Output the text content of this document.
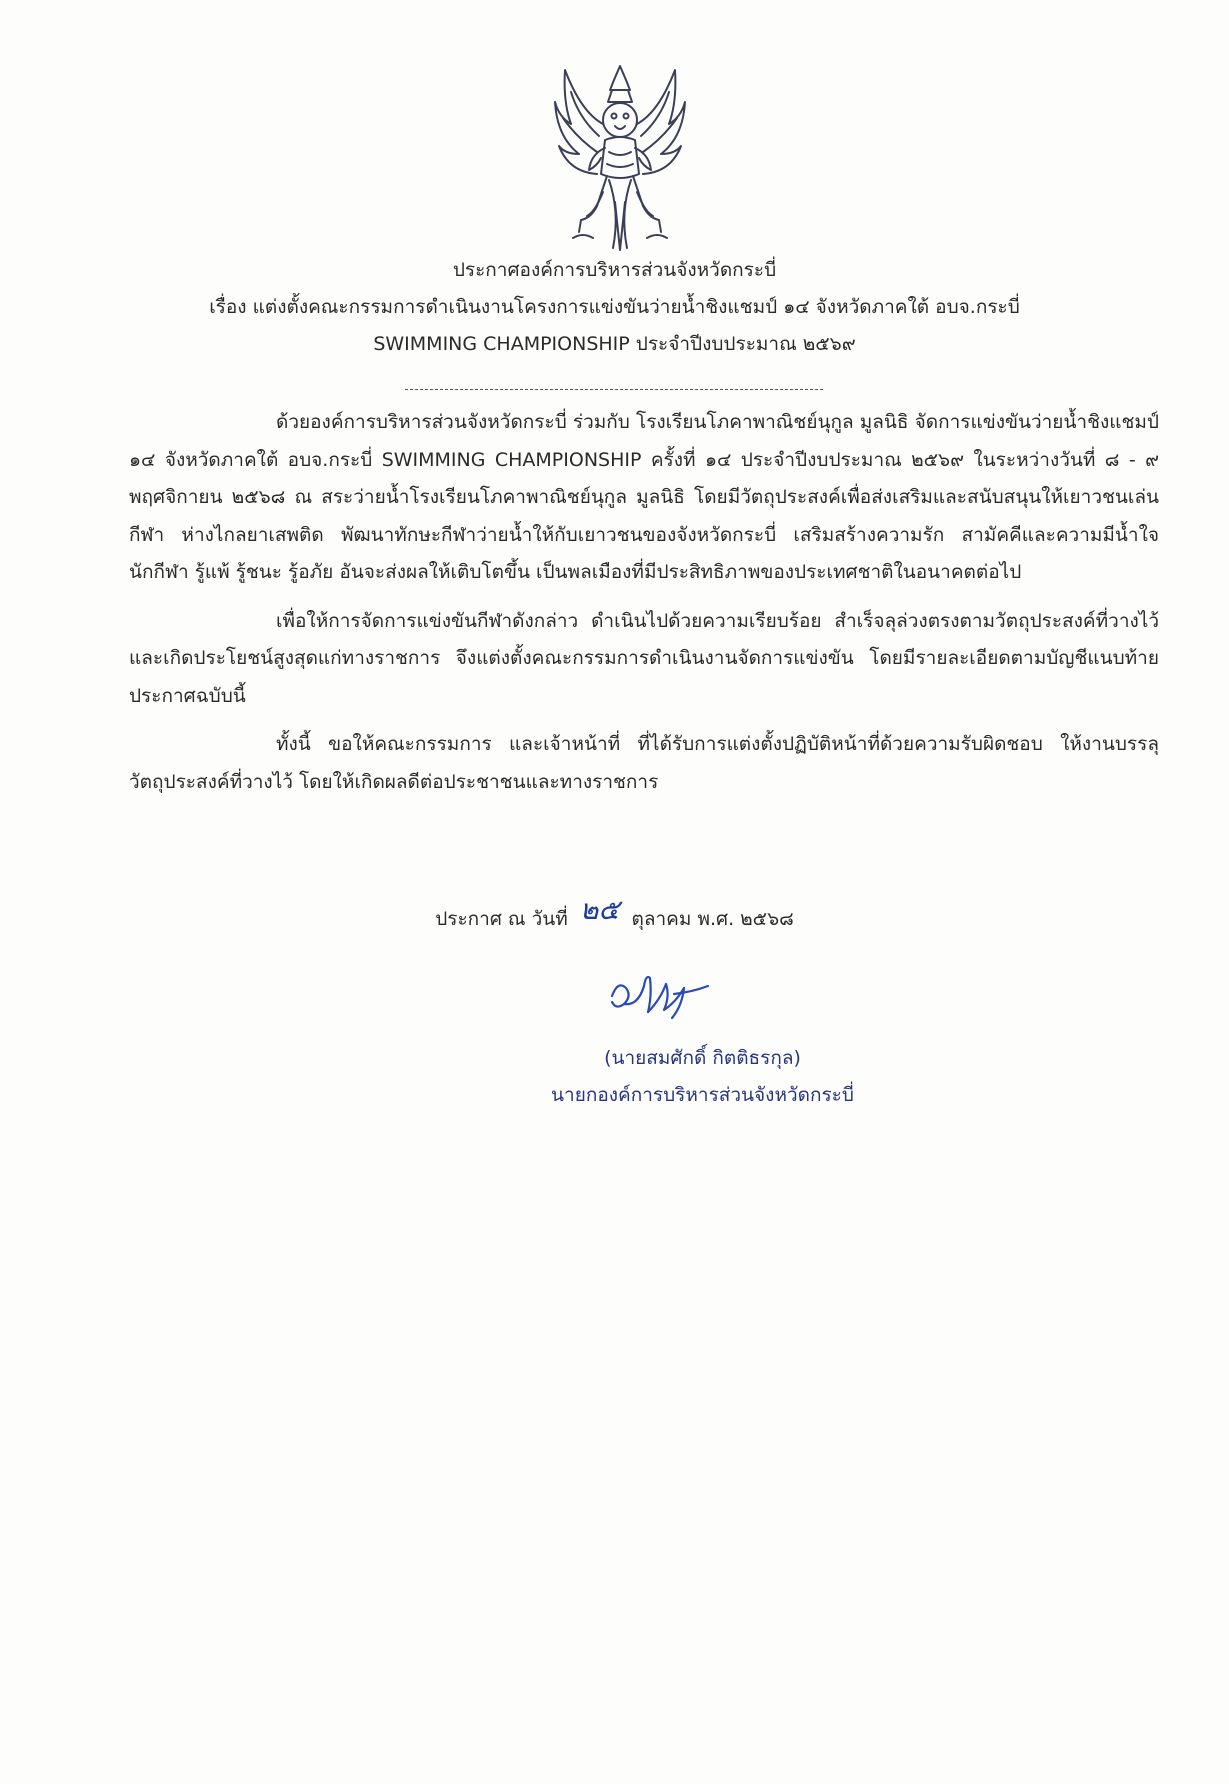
ประกาศองค์การบริหารส่วนจังหวัดกระบี่
เรื่อง แต่งตั้งคณะกรรมการดำเนินงานโครงการแข่งขันว่ายน้ำชิงแชมป์ ๑๔ จังหวัดภาคใต้ อบจ.กระบี่
SWIMMING CHAMPIONSHIP ประจำปีงบประมาณ ๒๕๖๙

ด้วยองค์การบริหารส่วนจังหวัดกระบี่ ร่วมกับ โรงเรียนโภคาพาณิชย์นุกูล มูลนิธิ จัดการแข่งขันว่ายน้ำชิงแชมป์ ๑๔ จังหวัดภาคใต้ อบจ.กระบี่ SWIMMING CHAMPIONSHIP ครั้งที่ ๑๔ ประจำปีงบประมาณ ๒๕๖๙ ในระหว่างวันที่ ๘ - ๙ พฤศจิกายน ๒๕๖๘ ณ สระว่ายน้ำโรงเรียนโภคาพาณิชย์นุกูล มูลนิธิ โดยมีวัตถุประสงค์เพื่อส่งเสริมและสนับสนุนให้เยาวชนเล่นกีฬา ห่างไกลยาเสพติด พัฒนาทักษะกีฬาว่ายน้ำให้กับเยาวชนของจังหวัดกระบี่ เสริมสร้างความรัก สามัคคีและความมีน้ำใจนักกีฬา รู้แพ้ รู้ชนะ รู้อภัย อันจะส่งผลให้เติบโตขึ้น เป็นพลเมืองที่มีประสิทธิภาพของประเทศชาติในอนาคตต่อไป

เพื่อให้การจัดการแข่งขันกีฬาดังกล่าว ดำเนินไปด้วยความเรียบร้อย สำเร็จลุล่วงตรงตามวัตถุประสงค์ที่วางไว้ และเกิดประโยชน์สูงสุดแก่ทางราชการ จึงแต่งตั้งคณะกรรมการดำเนินงานจัดการแข่งขัน โดยมีรายละเอียดตามบัญชีแนบท้ายประกาศฉบับนี้

ทั้งนี้ ขอให้คณะกรรมการ และเจ้าหน้าที่ ที่ได้รับการแต่งตั้งปฏิบัติหน้าที่ด้วยความรับผิดชอบ ให้งานบรรลุวัตถุประสงค์ที่วางไว้ โดยให้เกิดผลดีต่อประชาชนและทางราชการ

ประกาศ ณ วันที่ ๒๕ ตุลาคม พ.ศ. ๒๕๖๘
(นายสมศักดิ์ กิตติธรกุล)
นายกองค์การบริหารส่วนจังหวัดกระบี่
